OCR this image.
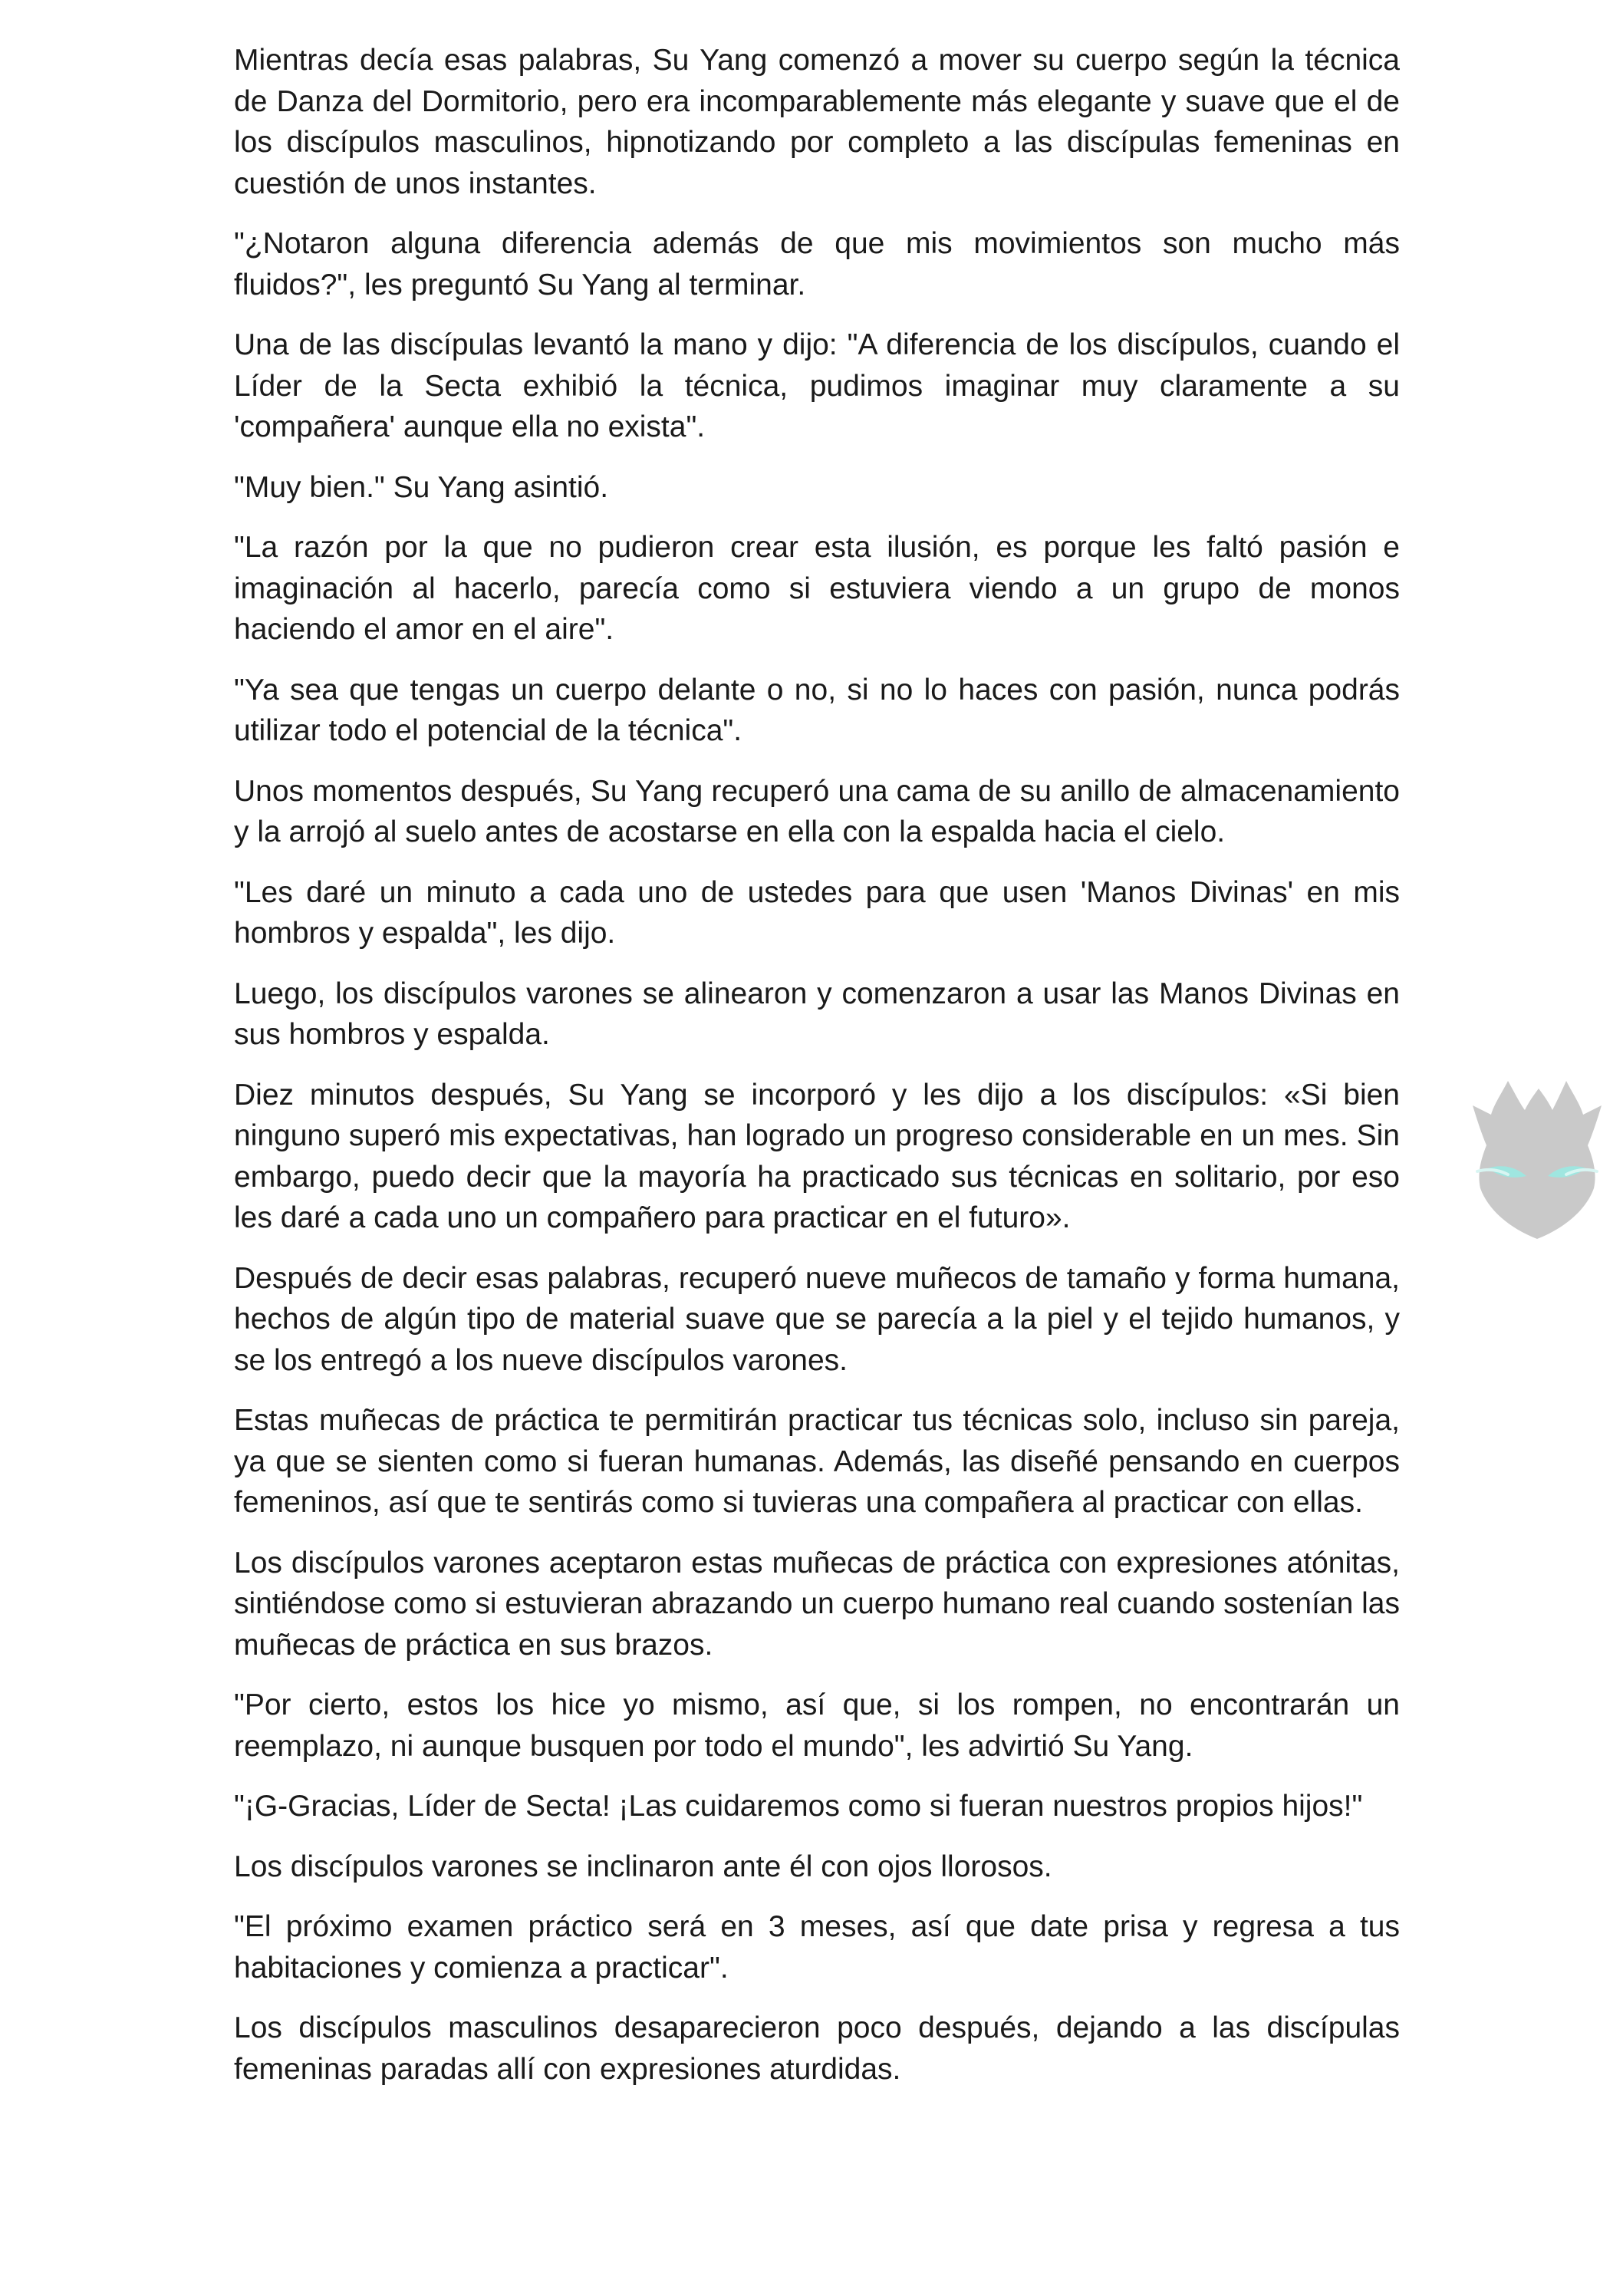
Mientras decía esas palabras, Su Yang comenzó a mover su cuerpo según la técnica de Danza del Dormitorio, pero era incomparablemente más elegante y suave que el de los discípulos masculinos, hipnotizando por completo a las discípulas femeninas en cuestión de unos instantes.

"¿Notaron alguna diferencia además de que mis movimientos son mucho más fluidos?", les preguntó Su Yang al terminar.

Una de las discípulas levantó la mano y dijo: "A diferencia de los discípulos, cuando el Líder de la Secta exhibió la técnica, pudimos imaginar muy claramente a su 'compañera' aunque ella no exista".

"Muy bien." Su Yang asintió.

"La razón por la que no pudieron crear esta ilusión, es porque les faltó pasión e imaginación al hacerlo, parecía como si estuviera viendo a un grupo de monos haciendo el amor en el aire".

"Ya sea que tengas un cuerpo delante o no, si no lo haces con pasión, nunca podrás utilizar todo el potencial de la técnica".

Unos momentos después, Su Yang recuperó una cama de su anillo de almacenamiento y la arrojó al suelo antes de acostarse en ella con la espalda hacia el cielo.

"Les daré un minuto a cada uno de ustedes para que usen 'Manos Divinas' en mis hombros y espalda", les dijo.

Luego, los discípulos varones se alinearon y comenzaron a usar las Manos Divinas en sus hombros y espalda.

Diez minutos después, Su Yang se incorporó y les dijo a los discípulos: «Si bien ninguno superó mis expectativas, han logrado un progreso considerable en un mes. Sin embargo, puedo decir que la mayoría ha practicado sus técnicas en solitario, por eso les daré a cada uno un compañero para practicar en el futuro».

Después de decir esas palabras, recuperó nueve muñecos de tamaño y forma humana, hechos de algún tipo de material suave que se parecía a la piel y el tejido humanos, y se los entregó a los nueve discípulos varones.

Estas muñecas de práctica te permitirán practicar tus técnicas solo, incluso sin pareja, ya que se sienten como si fueran humanas. Además, las diseñé pensando en cuerpos femeninos, así que te sentirás como si tuvieras una compañera al practicar con ellas.

Los discípulos varones aceptaron estas muñecas de práctica con expresiones atónitas, sintiéndose como si estuvieran abrazando un cuerpo humano real cuando sostenían las muñecas de práctica en sus brazos.

"Por cierto, estos los hice yo mismo, así que, si los rompen, no encontrarán un reemplazo, ni aunque busquen por todo el mundo", les advirtió Su Yang.

"¡G-Gracias, Líder de Secta! ¡Las cuidaremos como si fueran nuestros propios hijos!"

Los discípulos varones se inclinaron ante él con ojos llorosos.

"El próximo examen práctico será en 3 meses, así que date prisa y regresa a tus habitaciones y comienza a practicar".

Los discípulos masculinos desaparecieron poco después, dejando a las discípulas femeninas paradas allí con expresiones aturdidas.
